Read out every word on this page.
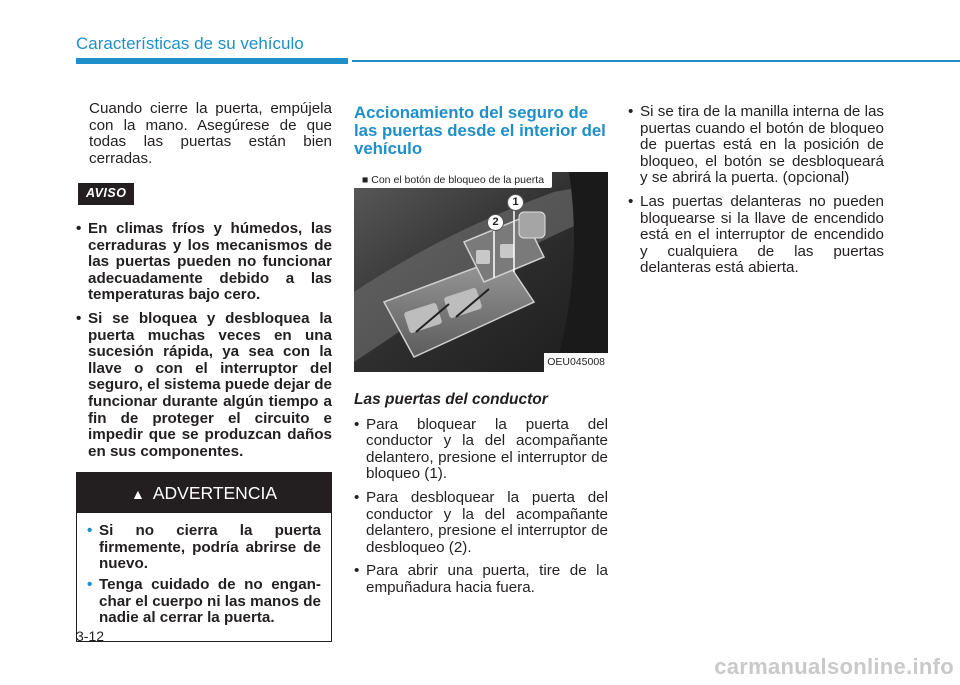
Características de su vehículo

Cuando cierre la puerta, empújela con la mano. Asegúrese de que todas las puertas están bien cerradas.

AVISO
• En climas fríos y húmedos, las cerraduras y los mecanismos de las puertas pueden no funcionar adecuadamente debido a las temperaturas bajo cero.
• Si se bloquea y desbloquea la puerta muchas veces en una sucesión rápida, ya sea con la llave o con el interruptor del seguro, el sistema puede dejar de funcionar durante algún tiempo a fin de proteger el circuito e impedir que se produzcan daños en sus componentes.
▲ ADVERTENCIA
• Si no cierra la puerta firmemente, podría abrirse de nuevo.
• Tenga cuidado de no engan-char el cuerpo ni las manos de nadie al cerrar la puerta.
Accionamiento del seguro de las puertas desde el interior del vehículo
1
2
■ Con el botón de bloqueo de la puerta
OEU045008
Las puertas del conductor
• Para bloquear la puerta del conductor y la del acompañante delantero, presione el interruptor de bloqueo (1).
• Para desbloquear la puerta del conductor y la del acompañante delantero, presione el interruptor de desbloqueo (2).
• Para abrir una puerta, tire de la empuñadura hacia fuera.
• Si se tira de la manilla interna de las puertas cuando el botón de bloqueo de puertas está en la posición de bloqueo, el botón se desbloqueará y se abrirá la puerta. (opcional)
• Las puertas delanteras no pueden bloquearse si la llave de encendido está en el interruptor de encendido y cualquiera de las puertas delanteras está abierta.
3-12
carmanualsonline.info
